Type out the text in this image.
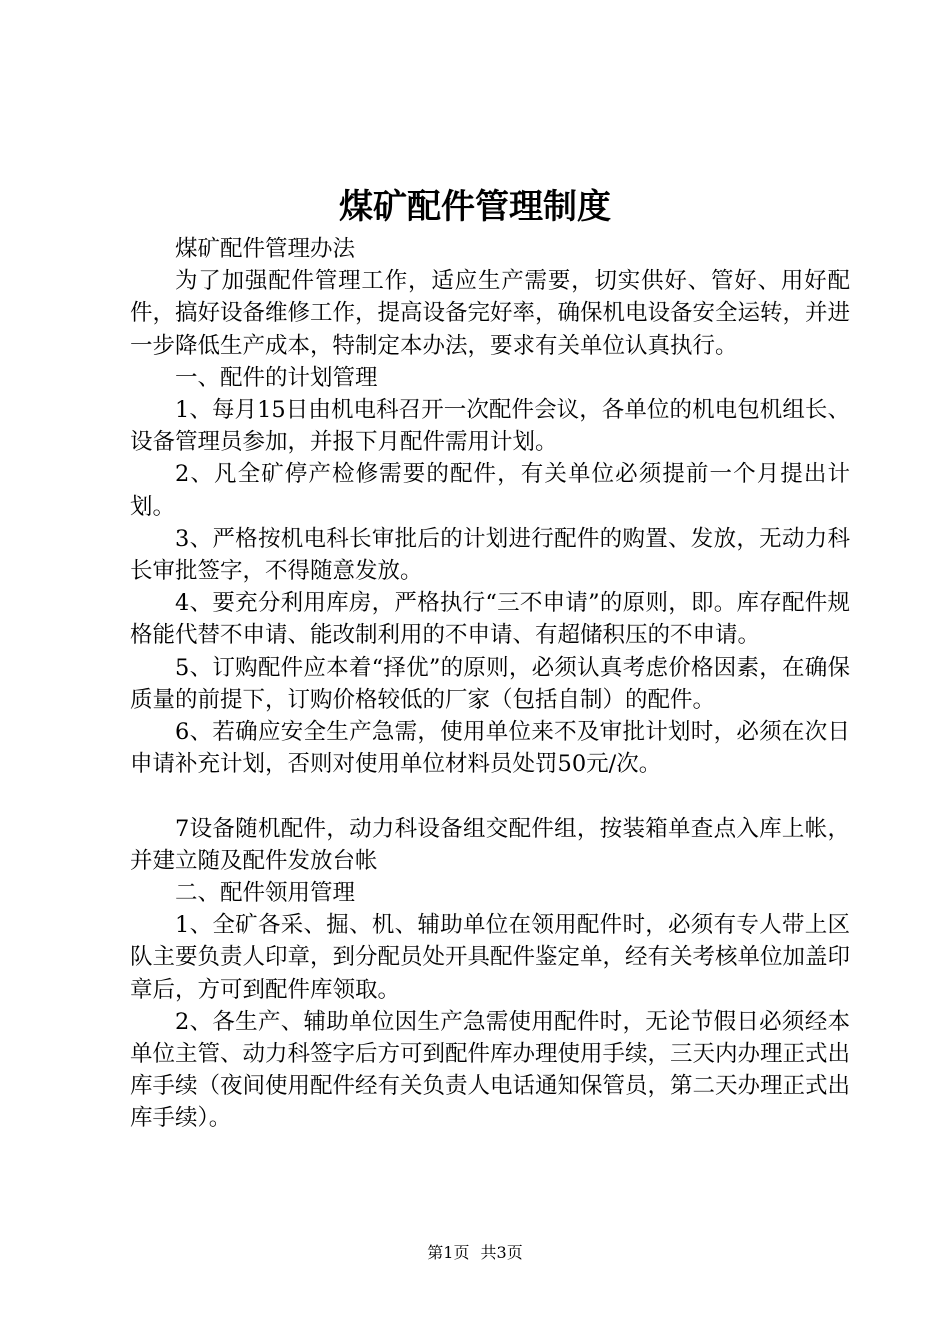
煤矿配件管理制度

煤矿配件管理办法

为了加强配件管理工作，适应生产需要，切实供好、管好、用好配件，搞好设备维修工作，提高设备完好率，确保机电设备安全运转，并进一步降低生产成本，特制定本办法，要求有关单位认真执行。

一、配件的计划管理

1、每月15日由机电科召开一次配件会议，各单位的机电包机组长、设备管理员参加，并报下月配件需用计划。

2、凡全矿停产检修需要的配件，有关单位必须提前一个月提出计划。

3、严格按机电科长审批后的计划进行配件的购置、发放，无动力科长审批签字，不得随意发放。

4、要充分利用库房，严格执行“三不申请”的原则，即。库存配件规格能代替不申请、能改制利用的不申请、有超储积压的不申请。

5、订购配件应本着“择优”的原则，必须认真考虑价格因素，在确保质量的前提下，订购价格较低的厂家（包括自制）的配件。

6、若确应安全生产急需，使用单位来不及审批计划时，必须在次日申请补充计划，否则对使用单位材料员处罚50元/次。

7设备随机配件，动力科设备组交配件组，按装箱单查点入库上帐，并建立随及配件发放台帐

二、配件领用管理

1、全矿各采、掘、机、辅助单位在领用配件时，必须有专人带上区队主要负责人印章，到分配员处开具配件鉴定单，经有关考核单位加盖印章后，方可到配件库领取。

2、各生产、辅助单位因生产急需使用配件时，无论节假日必须经本单位主管、动力科签字后方可到配件库办理使用手续，三天内办理正式出库手续（夜间使用配件经有关负责人电话通知保管员，第二天办理正式出库手续）。

第1页 共3页
